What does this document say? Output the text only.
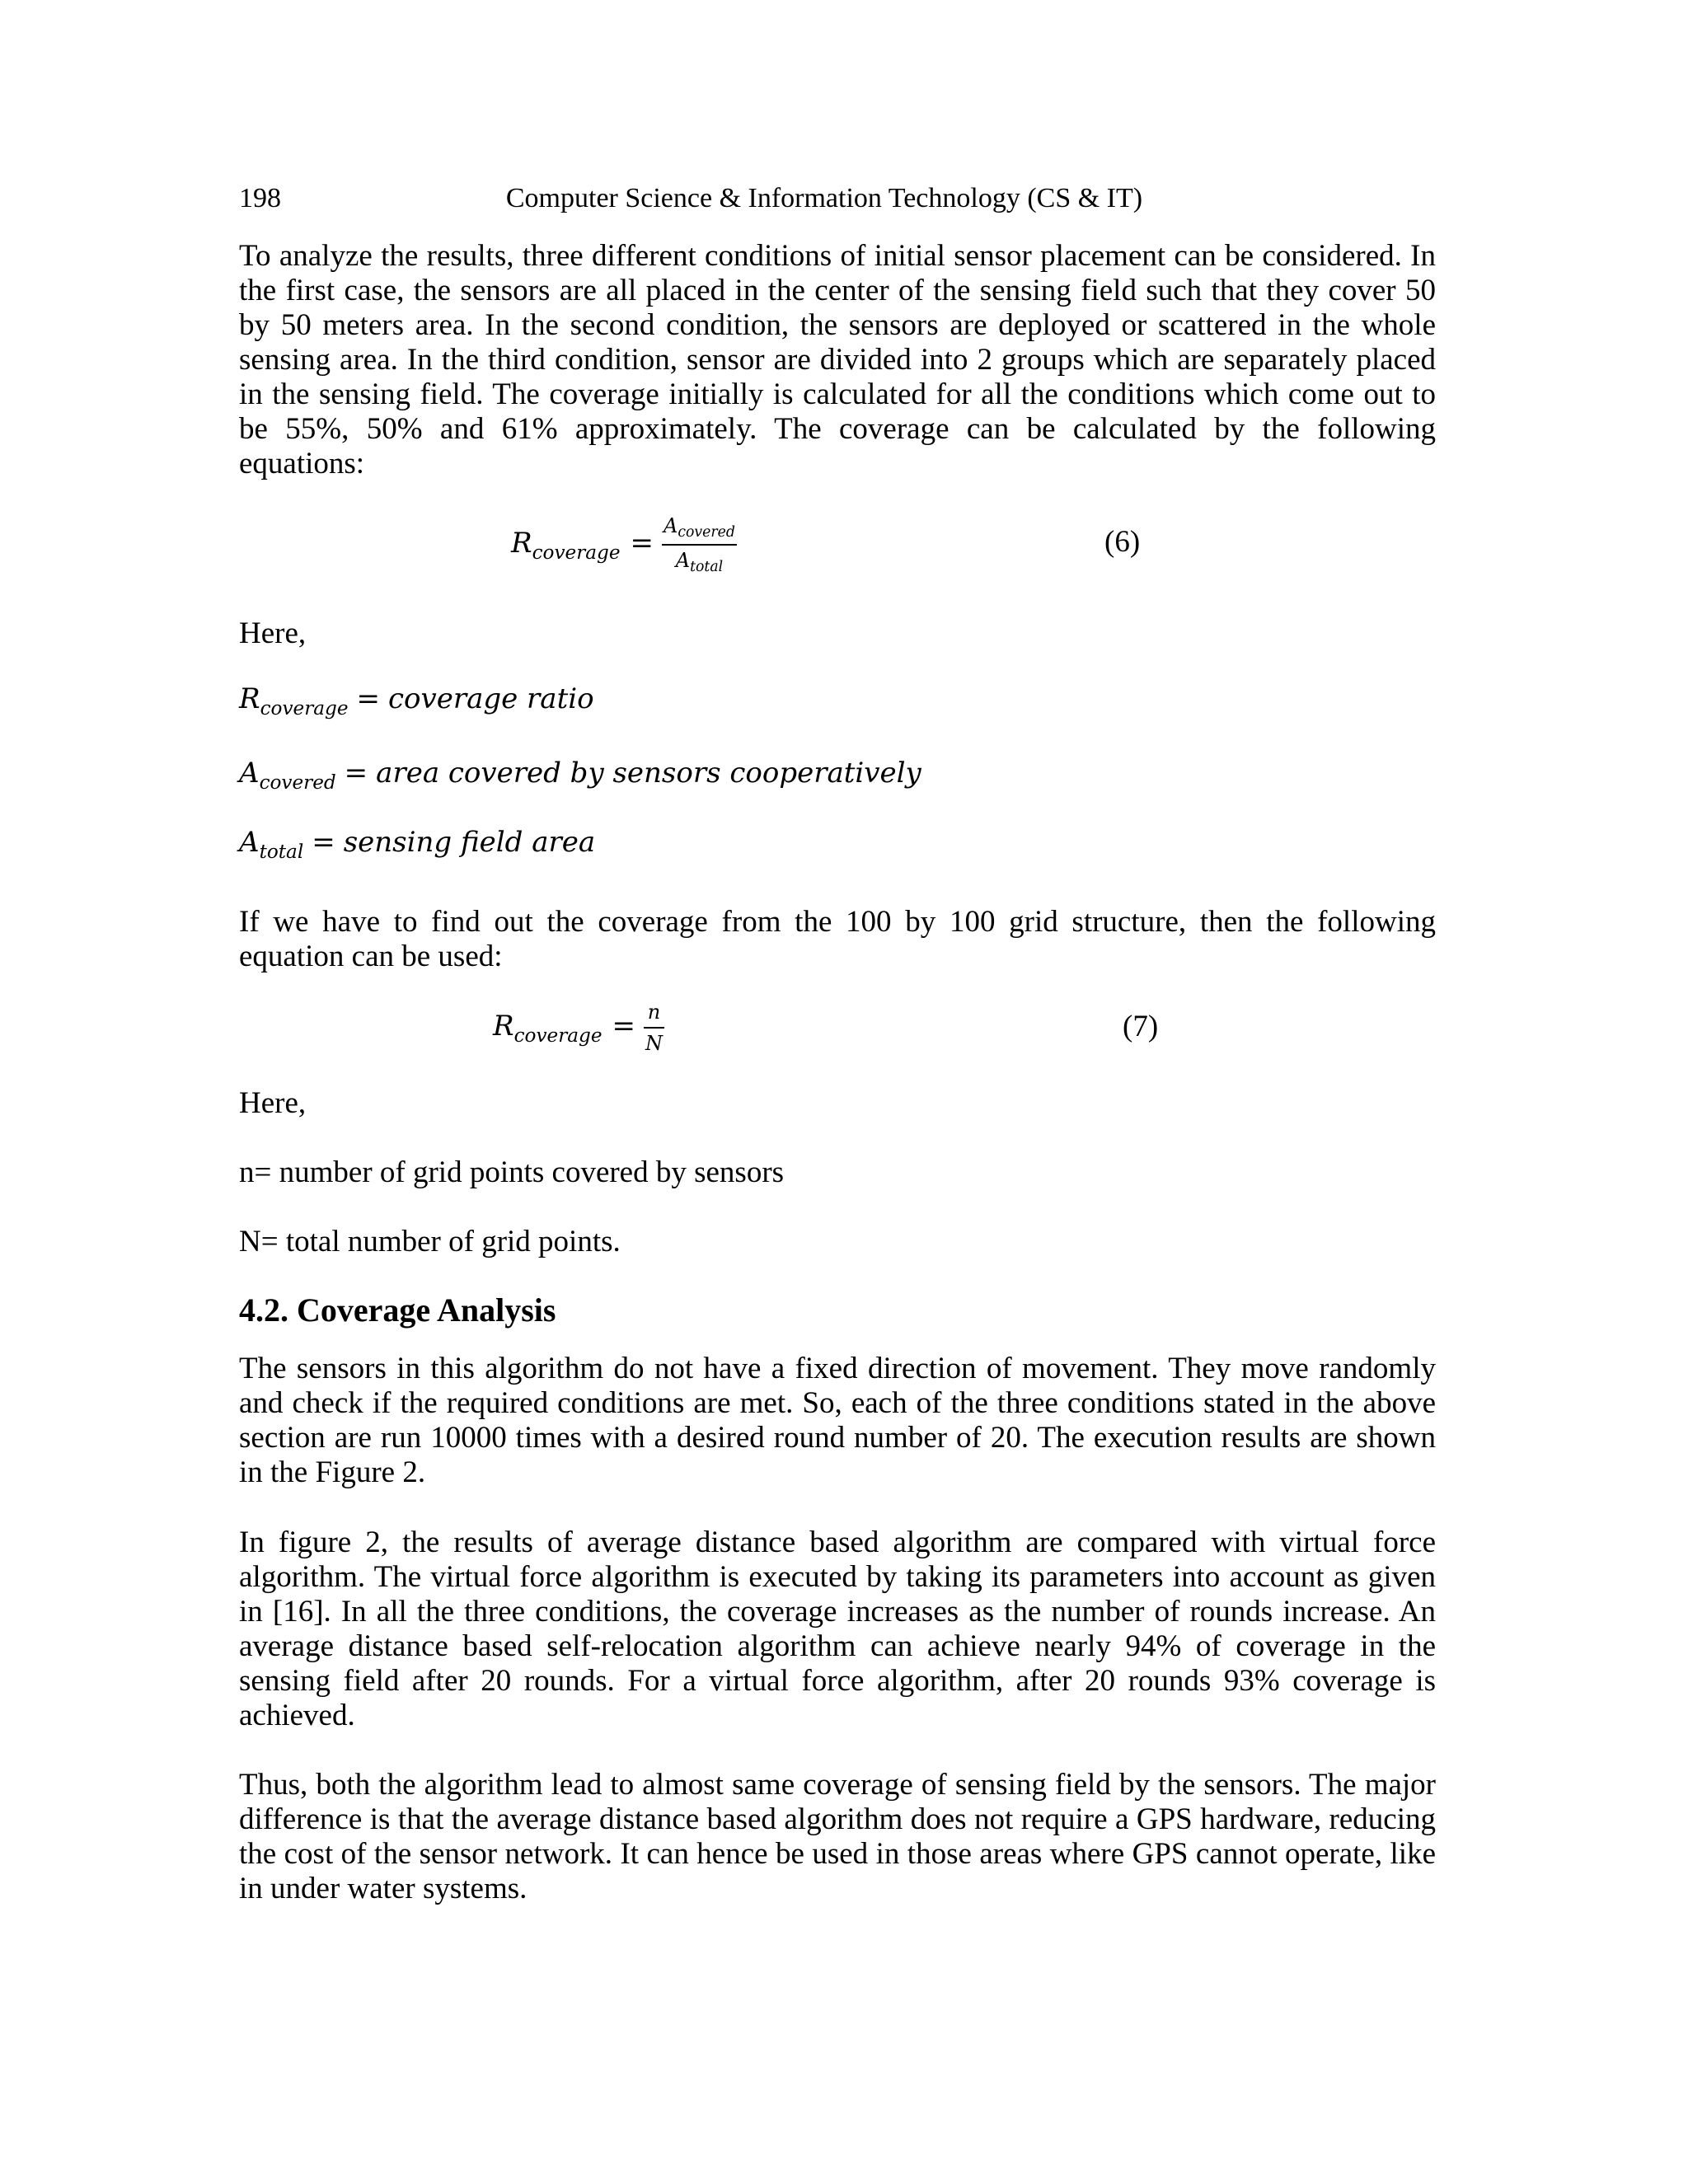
198	Computer Science & Information Technology (CS & IT)

To analyze the results, three different conditions of initial sensor placement can be considered. In the first case, the sensors are all placed in the center of the sensing field such that they cover 50 by 50 meters area. In the second condition, the sensors are deployed or scattered in the whole sensing area. In the third condition, sensor are divided into 2 groups which are separately placed in the sensing field. The coverage initially is calculated for all the conditions which come out to be 55%, 50% and 61% approximately. The coverage can be calculated by the following equations:

$R_{coverage} = \frac{A_{covered}}{A_{total}}$	(6)

Here,

$R_{coverage}$ = coverage ratio
$A_{covered}$ = area covered by sensors cooperatively
$A_{total} = sensing$ field area

If we have to find out the coverage from the 100 by 100 grid structure, then the following equation can be used:

$R_{coverage} = \frac{n}{N}$	(7)

Here,

n= number of grid points covered by sensors

N= total number of grid points.

4.2. Coverage Analysis

The sensors in this algorithm do not have a fixed direction of movement. They move randomly and check if the required conditions are met. So, each of the three conditions stated in the above section are run 10000 times with a desired round number of 20. The execution results are shown in the Figure 2.

In figure 2, the results of average distance based algorithm are compared with virtual force algorithm. The virtual force algorithm is executed by taking its parameters into account as given in [16]. In all the three conditions, the coverage increases as the number of rounds increase. An average distance based self-relocation algorithm can achieve nearly 94% of coverage in the sensing field after 20 rounds. For a virtual force algorithm, after 20 rounds 93% coverage is achieved.

Thus, both the algorithm lead to almost same coverage of sensing field by the sensors. The major difference is that the average distance based algorithm does not require a GPS hardware, reducing the cost of the sensor network. It can hence be used in those areas where GPS cannot operate, like in under water systems.
